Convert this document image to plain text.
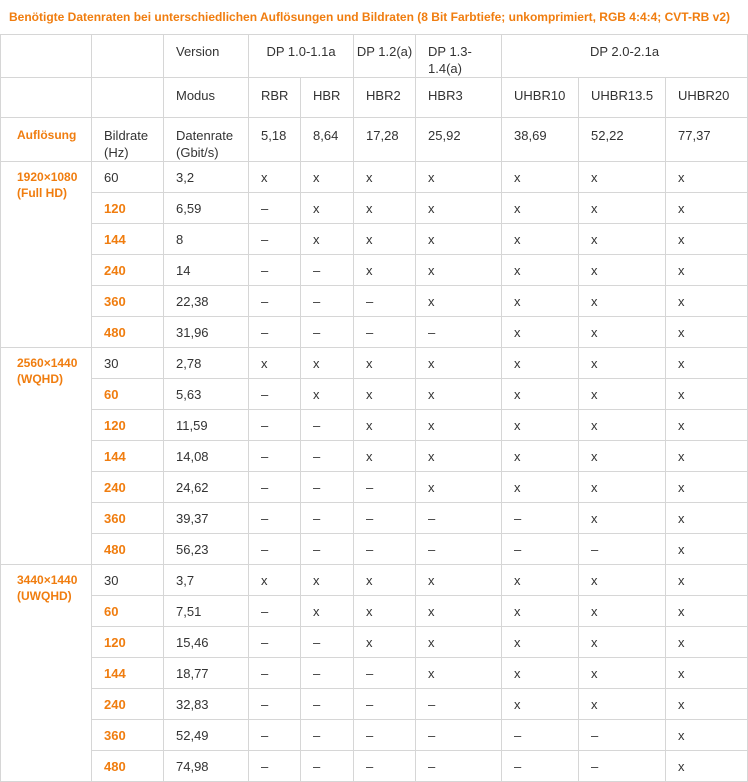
Benötigte Datenraten bei unterschiedlichen Auflösungen und Bildraten (8 Bit Farbtiefe; unkomprimiert, RGB 4:4:4; CVT-RB v2)
		Version	DP 1.0-1.1a		DP 1.2(a)	DP 1.3-1.4(a)	DP 2.0-2.1a		
		Modus	RBR	HBR	HBR2	HBR3	UHBR10	UHBR13.5	UHBR20
Auflösung	Bildrate (Hz)	Datenrate (Gbit/s)	5,18	8,64	17,28	25,92	38,69	52,22	77,37
1920×1080 (Full HD)	60	3,2	x	x	x	x	x	x	x
	120	6,59	–	x	x	x	x	x	x
	144	8	–	x	x	x	x	x	x
	240	14	–	–	x	x	x	x	x
	360	22,38	–	–	–	x	x	x	x
	480	31,96	–	–	–	–	x	x	x
2560×1440 (WQHD)	30	2,78	x	x	x	x	x	x	x
	60	5,63	–	x	x	x	x	x	x
	120	11,59	–	–	x	x	x	x	x
	144	14,08	–	–	x	x	x	x	x
	240	24,62	–	–	–	x	x	x	x
	360	39,37	–	–	–	–	–	x	x
	480	56,23	–	–	–	–	–	–	x
3440×1440 (UWQHD)	30	3,7	x	x	x	x	x	x	x
	60	7,51	–	x	x	x	x	x	x
	120	15,46	–	–	x	x	x	x	x
	144	18,77	–	–	–	x	x	x	x
	240	32,83	–	–	–	–	x	x	x
	360	52,49	–	–	–	–	–	–	x
	480	74,98	–	–	–	–	–	–	x
